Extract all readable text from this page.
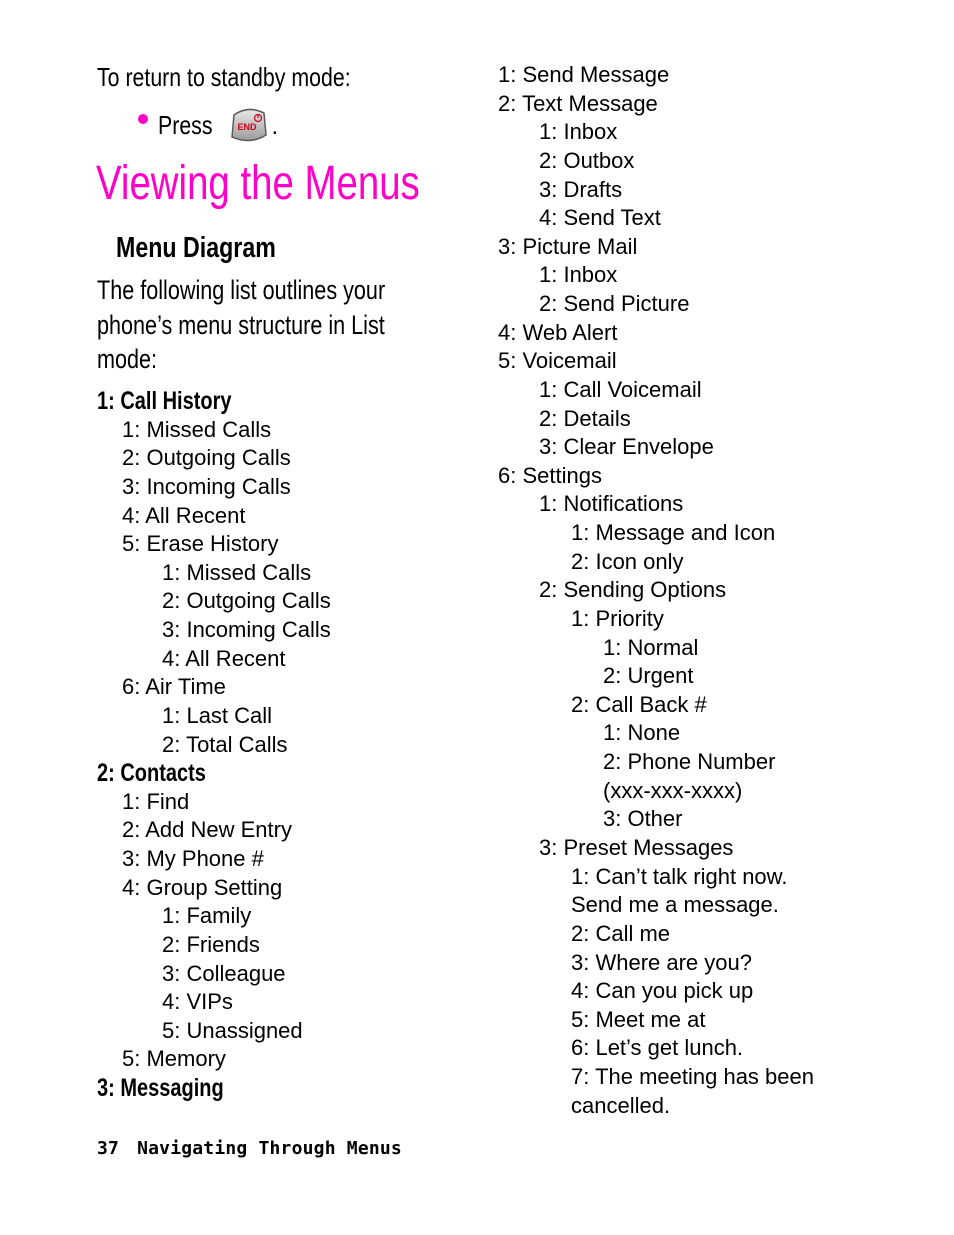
To return to standby mode:
Press	END .
Viewing the Menus
Menu Diagram
The following list outlines your
phone’s menu structure in List
mode:
1: Call History
1: Missed Calls
2: Outgoing Calls
3: Incoming Calls
4: All Recent
5: Erase History
1: Missed Calls
2: Outgoing Calls
3: Incoming Calls
4: All Recent
6: Air Time
1: Last Call
2: Total Calls
2: Contacts
1: Find
2: Add New Entry
3: My Phone #
4: Group Setting
1: Family
2: Friends
3: Colleague
4: VIPs
5: Unassigned
5: Memory
3: Messaging
1: Send Message
2: Text Message
1: Inbox
2: Outbox
3: Drafts
4: Send Text
3: Picture Mail
1: Inbox
2: Send Picture
4: Web Alert
5: Voicemail
1: Call Voicemail
2: Details
3: Clear Envelope
6: Settings
1: Notifications
1: Message and Icon
2: Icon only
2: Sending Options
1: Priority
1: Normal
2: Urgent
2: Call Back #
1: None
2: Phone Number
(xxx-xxx-xxxx)
3: Other
3: Preset Messages
1: Can’t talk right now.
Send me a message.
2: Call me
3: Where are you?
4: Can you pick up
5: Meet me at
6: Let’s get lunch.
7: The meeting has been
cancelled.
37 Navigating Through Menus
